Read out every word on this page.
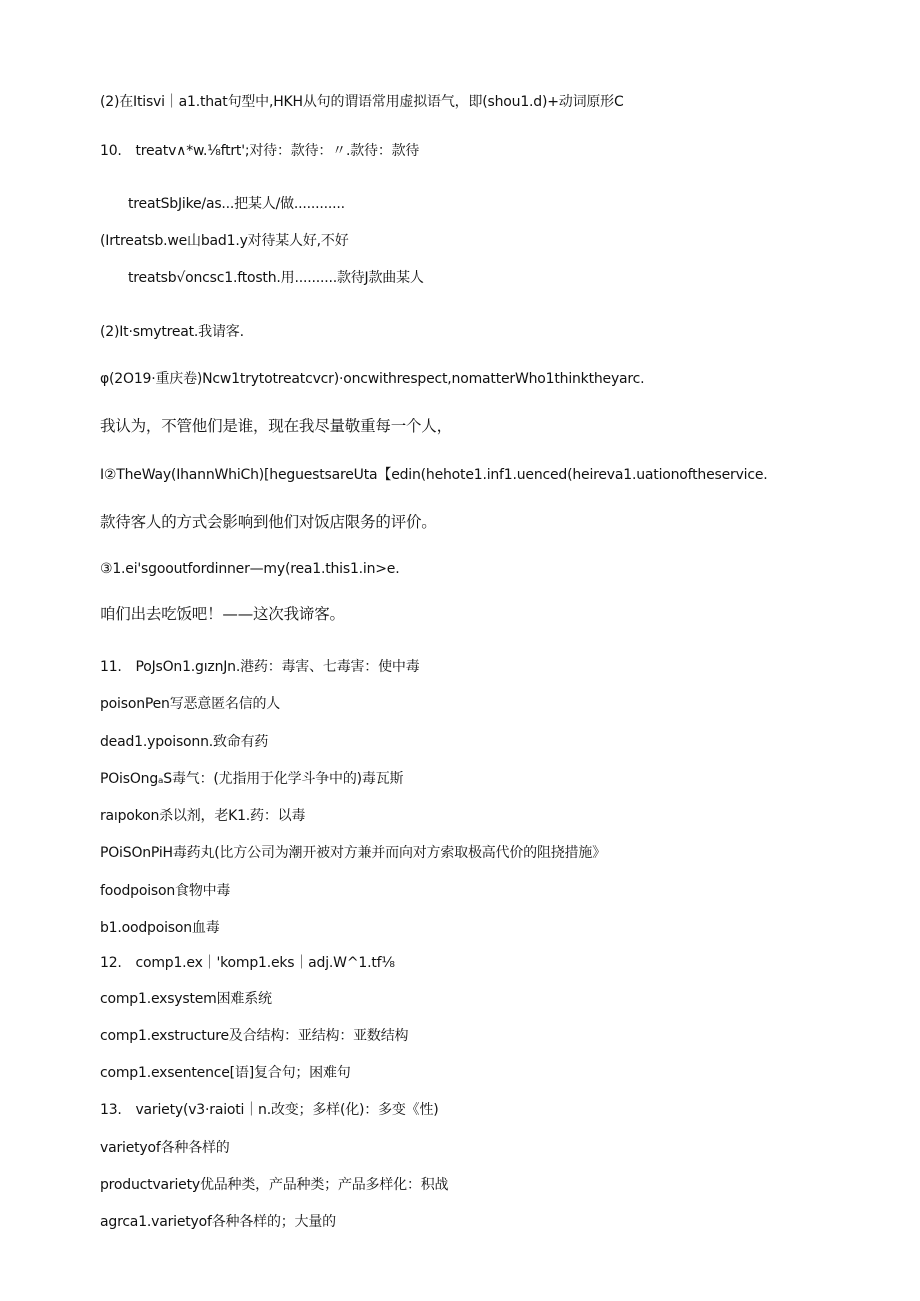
(2)在Itisvi｜a1.that句型中,HKH从句的谓语常用虚拟语气，即(shou1.d)+动词原形C
10.　treatv∧*w.⅛ftrt';对待：款待：〃.款待：款待
treatSbJike/as...把某人/做............
(Irtreatsb.we山bad1.y对待某人好,不好
treatsb√oncsc1.ftosth.用..........款待J款曲某人
(2)It·smytreat.我请客.
φ(2O19·重庆卷)Ncw1trytotreatcvcr)·oncwithrespect,nomatterWho1thinktheyarc.
我认为，不管他们是谁，现在我尽量敬重每一个人，
I②TheWay(IhannWhiCh)[heguestsareUta【edin(hehote1.inf1.uenced(heireva1.uationoftheservice.
款待客人的方式会影响到他们对饭店限务的评价。
③1.ei'sgooutfordinner—my(rea1.this1.in>e.
咱们出去吃饭吧！——这次我谛客。
11.　PoJsOn1.gıznJn.港药：毒害、七毒害：使中毒
poisonPen写恶意匿名信的人
dead1.ypoisonn.致命有药
POisOngₐS毒气：(尤指用于化学斗争中的)毒瓦斯
raıpokon杀以剂，老K1.药：以毒
POiSOnPiH毒药丸(比方公司为潮开被对方兼并而向对方索取极高代价的阻挠措施》
foodpoison食物中毒
b1.oodpoison血毒
12.　comp1.ex｜'komp1.eks｜adj.W^1.tf⅛
comp1.exsystem困难系统
comp1.exstructure及合结构：亚结构：亚数结构
comp1.exsentence[语]复合句；困难句
13.　variety(v3·raioti｜n.改变；多样(化)：多变《性)
varietyof各种各样的
productvariety优品种类，产品种类；产品多样化：积战
agrca1.varietyof各种各样的；大量的
